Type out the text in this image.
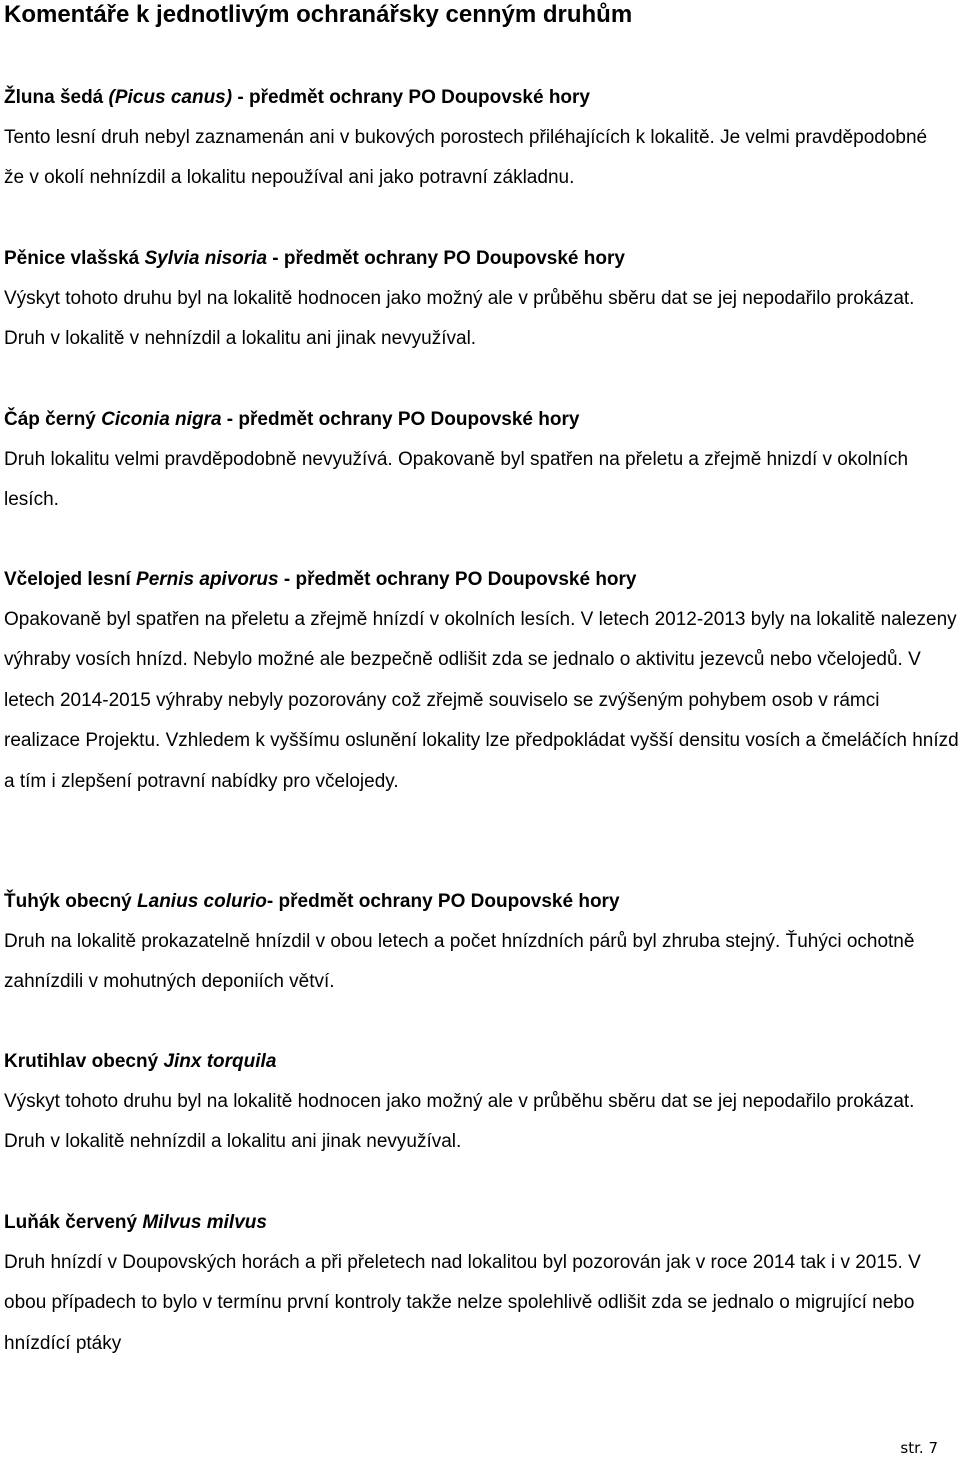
Komentáře k jednotlivým ochranářsky cenným druhům
Žluna šedá (Picus canus) - předmět ochrany PO Doupovské hory

Tento lesní druh nebyl zaznamenán ani v bukových porostech přiléhajících k lokalitě. Je velmi pravděpodobné že v okolí nehnízdil a lokalitu nepoužíval ani jako potravní základnu.

Pěnice vlašská Sylvia nisoria - předmět ochrany PO Doupovské hory

Výskyt tohoto druhu byl na lokalitě hodnocen jako možný ale v průběhu sběru dat se jej nepodařilo prokázat. Druh v lokalitě v nehnízdil a lokalitu ani jinak nevyužíval.

Čáp černý Ciconia nigra - předmět ochrany PO Doupovské hory

Druh lokalitu velmi pravděpodobně nevyužívá. Opakovaně byl spatřen na přeletu a zřejmě hnizdí v okolních lesích.

Včelojed lesní Pernis apivorus - předmět ochrany PO Doupovské hory

Opakovaně byl spatřen na přeletu a zřejmě hnízdí v okolních lesích. V letech 2012-2013 byly na lokalitě nalezeny výhraby vosích hnízd. Nebylo možné ale bezpečně odlišit zda se jednalo o aktivitu jezevců nebo včelojedů. V letech 2014-2015 výhraby nebyly pozorovány což zřejmě souviselo se zvýšeným pohybem osob v rámci realizace Projektu. Vzhledem k vyššímu oslunění lokality lze předpokládat vyšší densitu vosích a čmeláčích hnízd a tím i zlepšení potravní nabídky pro včelojedy.

Ťuhýk obecný Lanius colurio- předmět ochrany PO Doupovské hory

Druh na lokalitě prokazatelně hnízdil v obou letech a počet hnízdních párů byl zhruba stejný. Ťuhýci ochotně zahnízdili v mohutných deponiích větví.

Krutihlav obecný Jinx torquila

Výskyt tohoto druhu byl na lokalitě hodnocen jako možný ale v průběhu sběru dat se jej nepodařilo prokázat. Druh v lokalitě nehnízdil a lokalitu ani jinak nevyužíval.

Luňák červený Milvus milvus

Druh hnízdí v Doupovských horách a při přeletech nad lokalitou byl pozorován jak v roce 2014 tak i v 2015. V obou případech to bylo v termínu první kontroly takže nelze spolehlivě odlišit zda se jednalo o migrující nebo hnízdící ptáky

str. 7
